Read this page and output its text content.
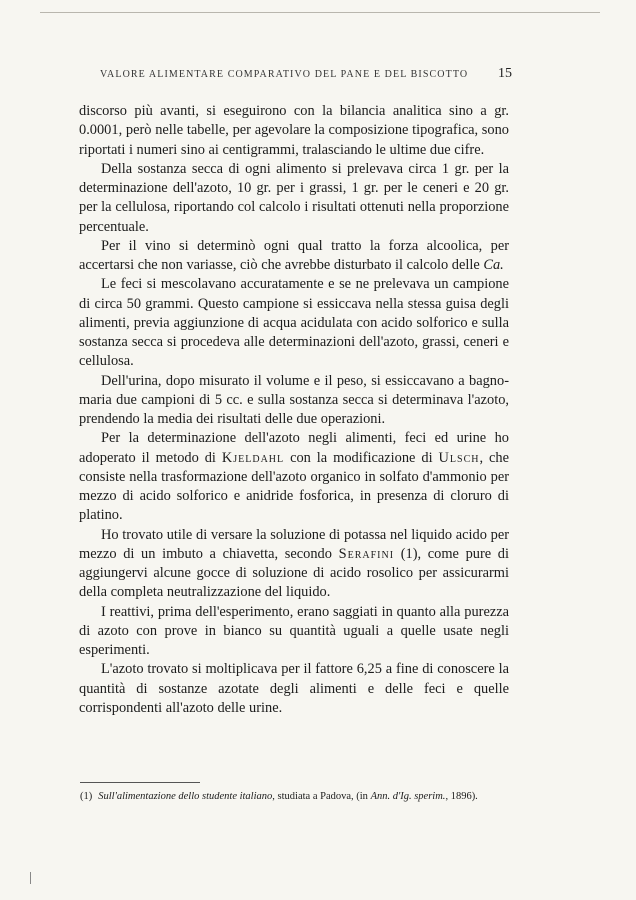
VALORE ALIMENTARE COMPARATIVO DEL PANE E DEL BISCOTTO 15

discorso più avanti, si eseguirono con la bilancia analitica sino a gr. 0.0001, però nelle tabelle, per agevolare la composizione tipografica, sono riportati i numeri sino ai centigrammi, tralasciando le ultime due cifre.

Della sostanza secca di ogni alimento si prelevava circa 1 gr. per la determinazione dell'azoto, 10 gr. per i grassi, 1 gr. per le ceneri e 20 gr. per la cellulosa, riportando col calcolo i risultati ottenuti nella proporzione percentuale.

Per il vino si determinò ogni qual tratto la forza alcoolica, per accertarsi che non variasse, ciò che avrebbe disturbato il calcolo delle Ca.

Le feci si mescolavano accuratamente e se ne prelevava un campione di circa 50 grammi. Questo campione si essiccava nella stessa guisa degli alimenti, previa aggiunzione di acqua acidulata con acido solforico e sulla sostanza secca si procedeva alle determinazioni dell'azoto, grassi, ceneri e cellulosa.

Dell'urina, dopo misurato il volume e il peso, si essiccavano a bagno-maria due campioni di 5 cc. e sulla sostanza secca si determinava l'azoto, prendendo la media dei risultati delle due operazioni.

Per la determinazione dell'azoto negli alimenti, feci ed urine ho adoperato il metodo di Kjeldahl con la modificazione di Ulsch, che consiste nella trasformazione dell'azoto organico in solfato d'ammonio per mezzo di acido solforico e anidride fosforica, in presenza di cloruro di platino.

Ho trovato utile di versare la soluzione di potassa nel liquido acido per mezzo di un imbuto a chiavetta, secondo Serafini (1), come pure di aggiungervi alcune gocce di soluzione di acido rosolico per assicurarmi della completa neutralizzazione del liquido.

I reattivi, prima dell'esperimento, erano saggiati in quanto alla purezza di azoto con prove in bianco su quantità uguali a quelle usate negli esperimenti.

L'azoto trovato si moltiplicava per il fattore 6,25 a fine di conoscere la quantità di sostanze azotate degli alimenti e delle feci e quelle corrispondenti all'azoto delle urine.

(1) Sull'alimentazione dello studente italiano, studiata a Padova, (in Ann. d'Ig. sperim., 1896).
